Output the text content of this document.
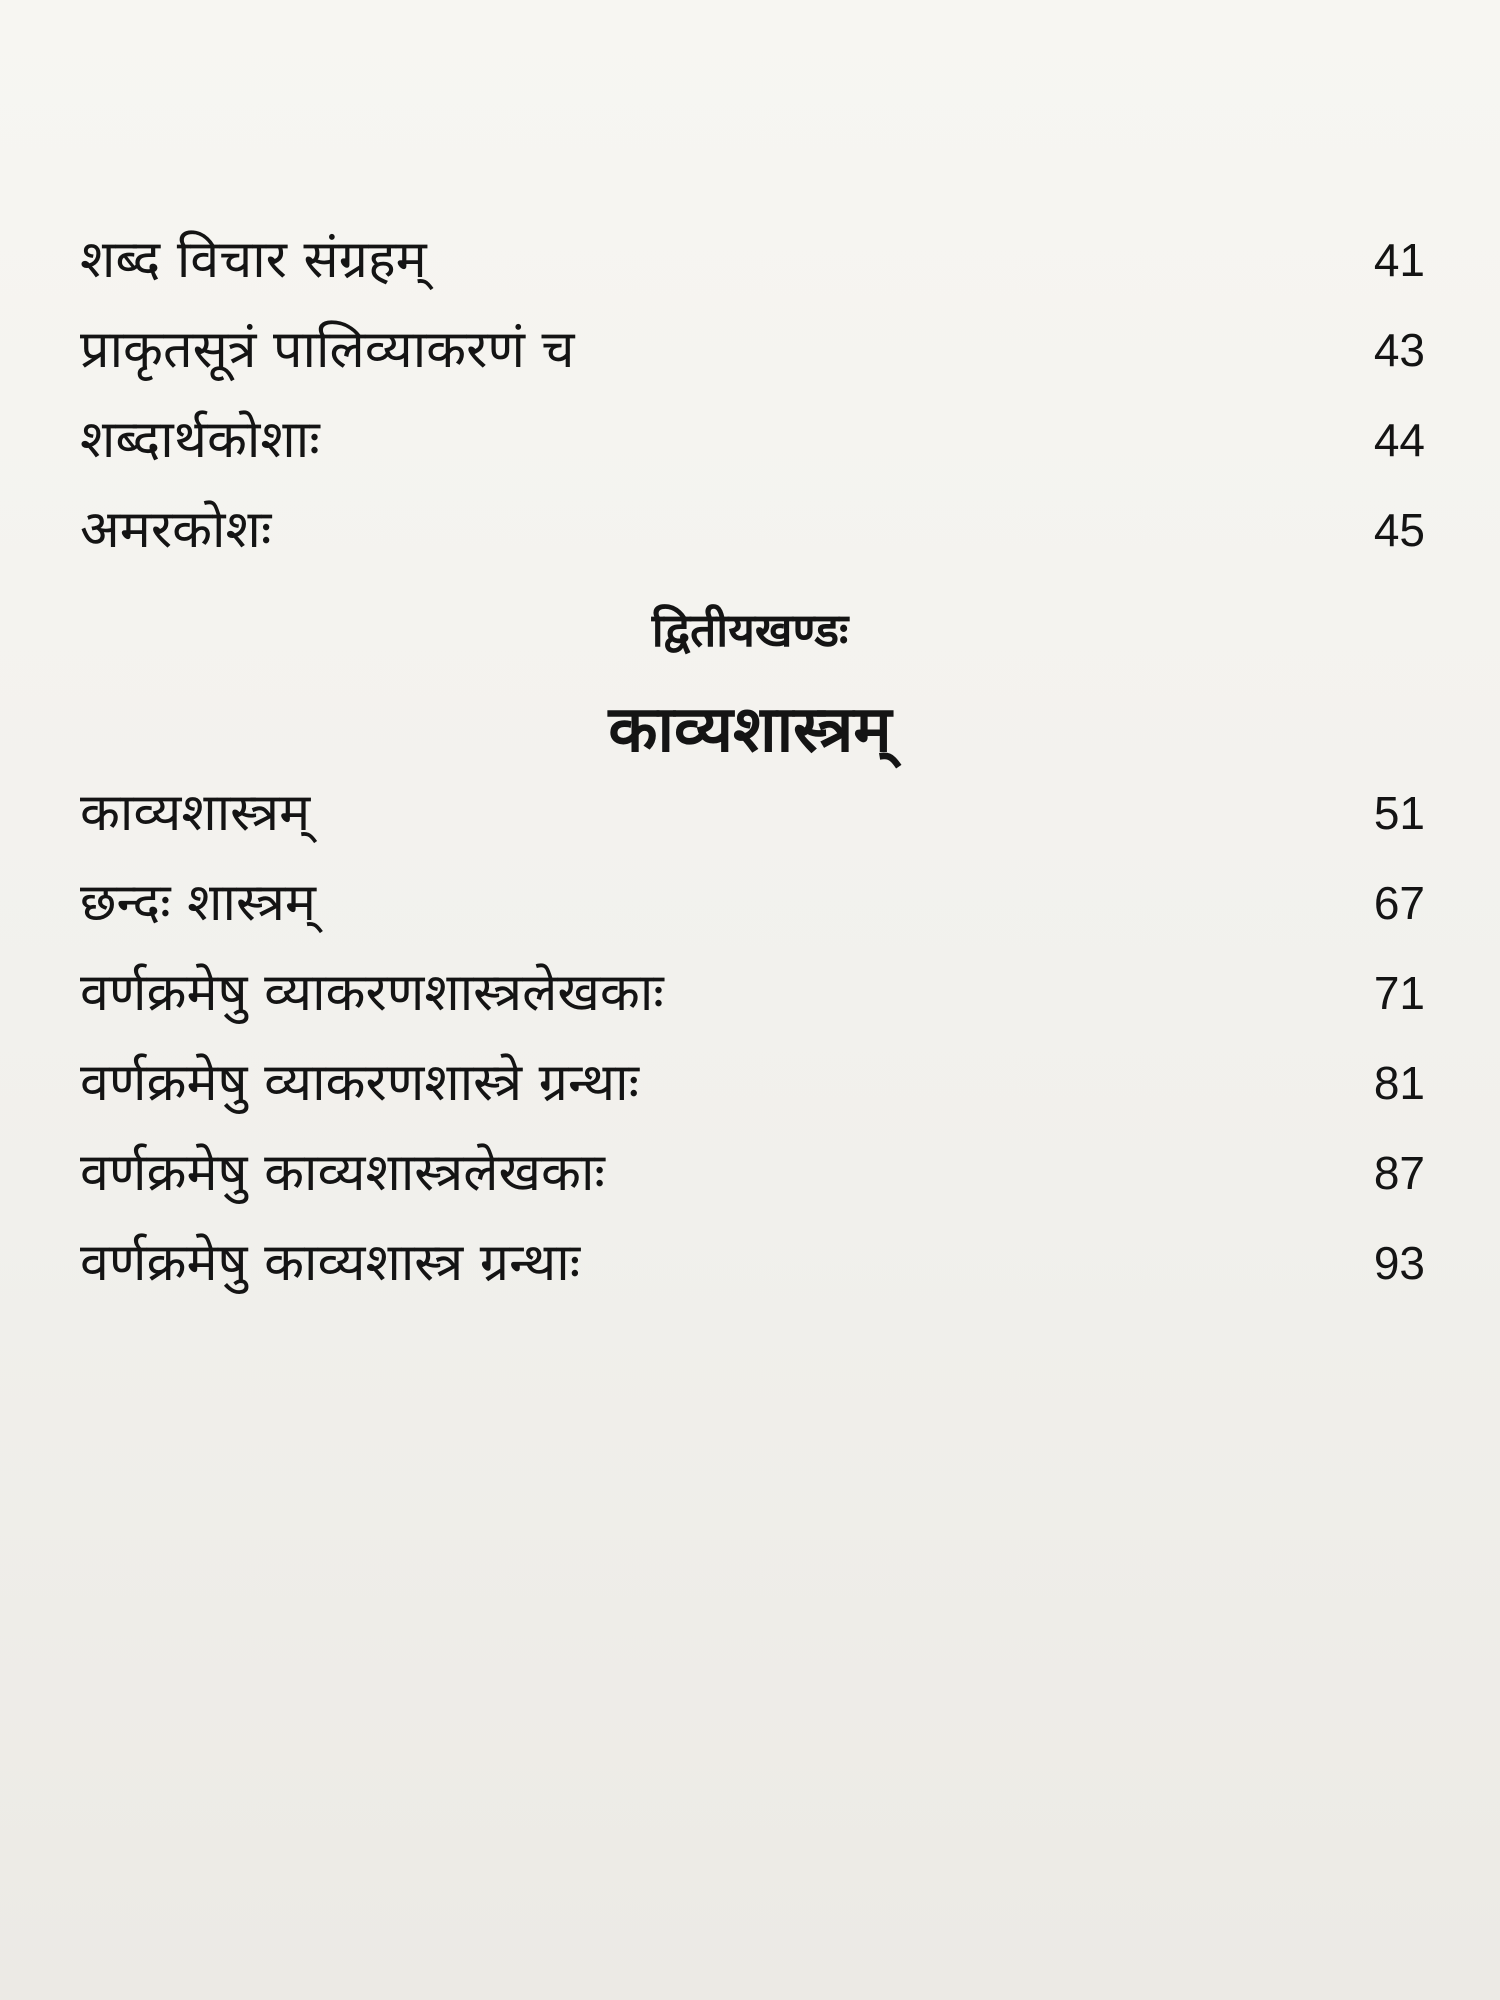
शब्द विचार संग्रहम्	41
प्राकृतसूत्रं पालिव्याकरणं च	43
शब्दार्थकोशाः	44
अमरकोशः	45
द्वितीयखण्डः
काव्यशास्त्रम्
काव्यशास्त्रम्	51
छन्दः शास्त्रम्	67
वर्णक्रमेषु व्याकरणशास्त्रलेखकाः	71
वर्णक्रमेषु व्याकरणशास्त्रे ग्रन्थाः	81
वर्णक्रमेषु काव्यशास्त्रलेखकाः	87
वर्णक्रमेषु काव्यशास्त्र ग्रन्थाः	93
